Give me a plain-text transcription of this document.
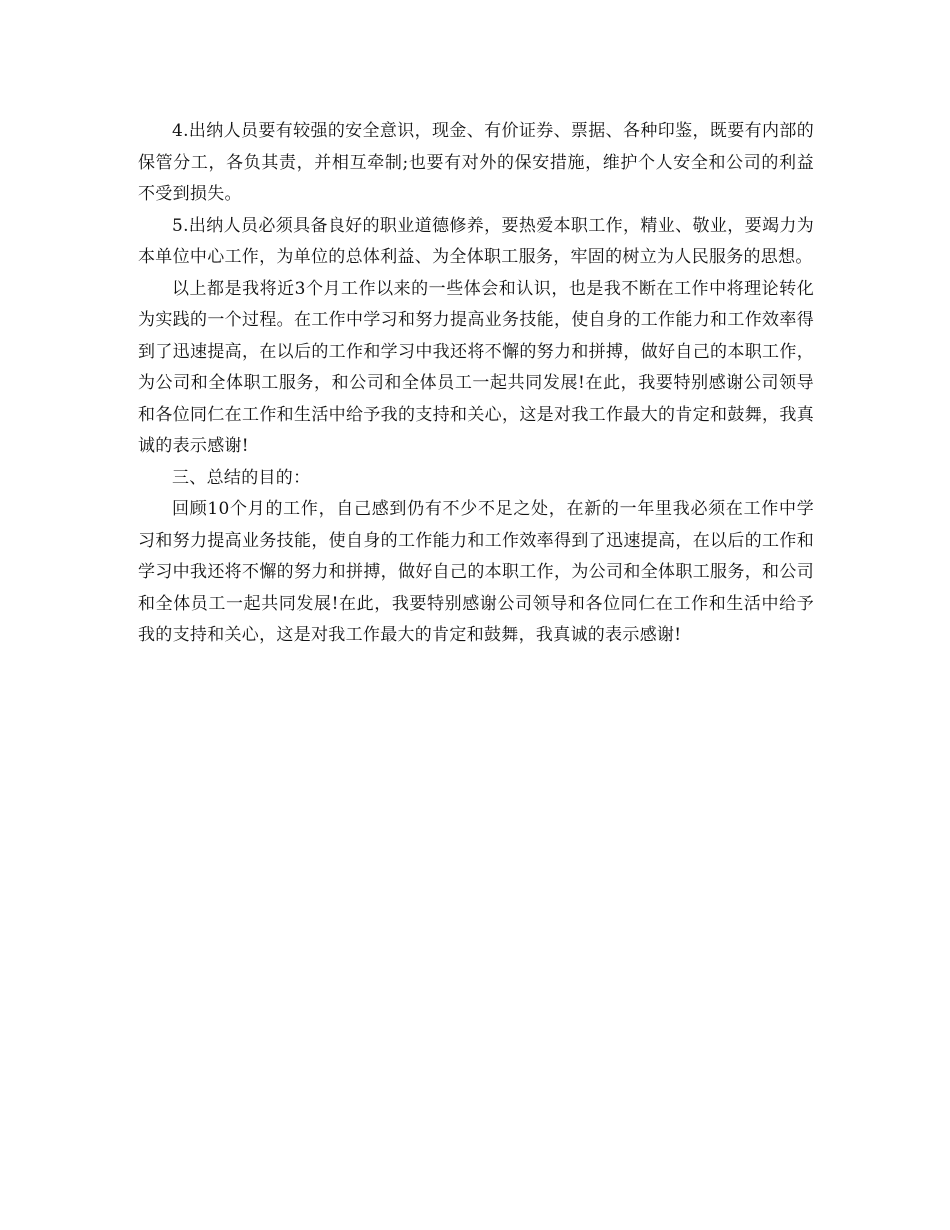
4.出纳人员要有较强的安全意识，现金、有价证券、票据、各种印鉴，既要有内部的保管分工，各负其责，并相互牵制;也要有对外的保安措施，维护个人安全和公司的利益不受到损失。

5.出纳人员必须具备良好的职业道德修养，要热爱本职工作，精业、敬业，要竭力为本单位中心工作，为单位的总体利益、为全体职工服务，牢固的树立为人民服务的思想。

以上都是我将近3个月工作以来的一些体会和认识，也是我不断在工作中将理论转化为实践的一个过程。在工作中学习和努力提高业务技能，使自身的工作能力和工作效率得到了迅速提高，在以后的工作和学习中我还将不懈的努力和拼搏，做好自己的本职工作，为公司和全体职工服务，和公司和全体员工一起共同发展!在此，我要特别感谢公司领导和各位同仁在工作和生活中给予我的支持和关心，这是对我工作最大的肯定和鼓舞，我真诚的表示感谢!

三、总结的目的：

回顾10个月的工作，自己感到仍有不少不足之处，在新的一年里我必须在工作中学习和努力提高业务技能，使自身的工作能力和工作效率得到了迅速提高，在以后的工作和学习中我还将不懈的努力和拼搏，做好自己的本职工作，为公司和全体职工服务，和公司和全体员工一起共同发展!在此，我要特别感谢公司领导和各位同仁在工作和生活中给予我的支持和关心，这是对我工作最大的肯定和鼓舞，我真诚的表示感谢!
